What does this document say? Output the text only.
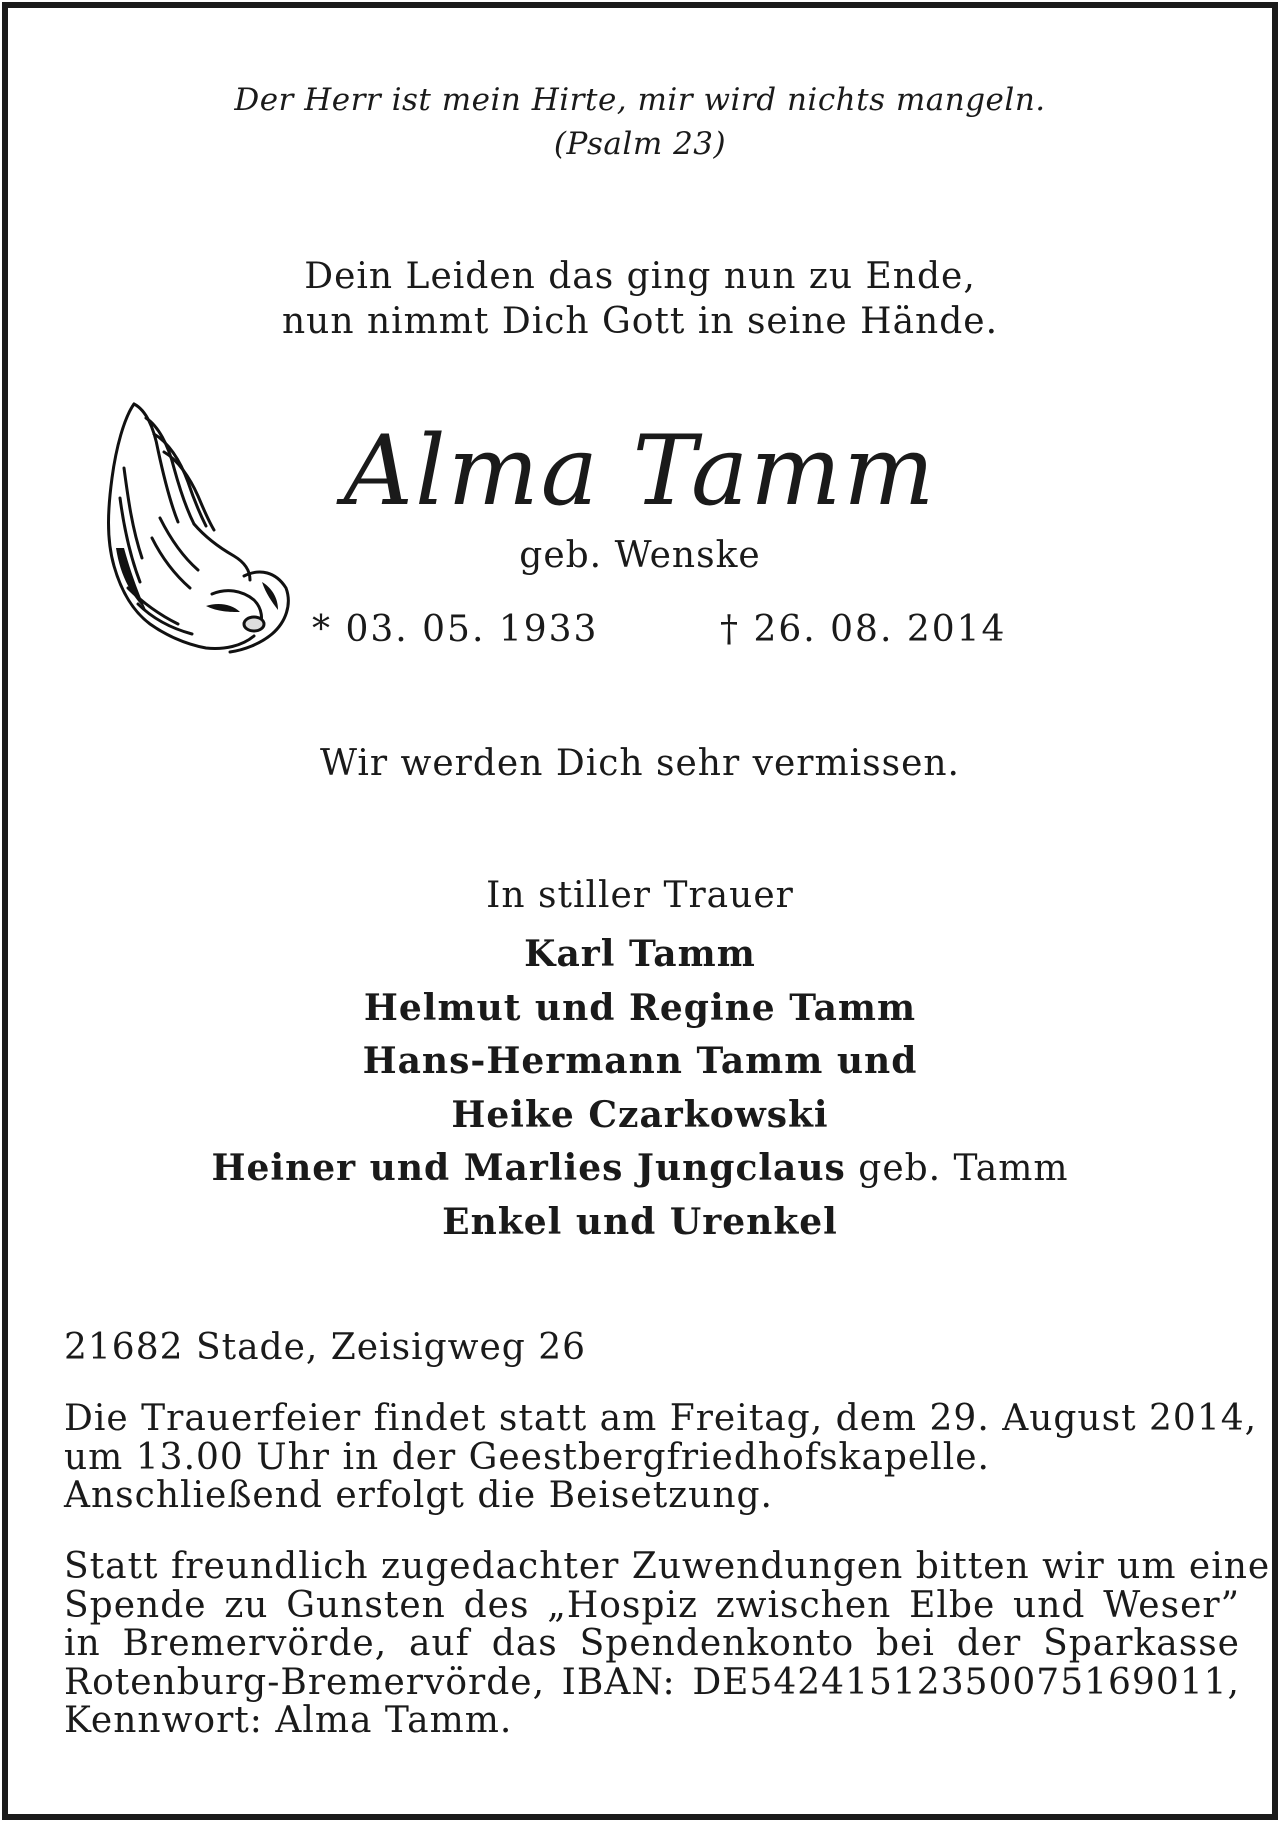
Der Herr ist mein Hirte, mir wird nichts mangeln.
(Psalm 23)
Dein Leiden das ging nun zu Ende,
nun nimmt Dich Gott in seine Hände.
Alma Tamm
geb. Wenske
* 03. 05. 1933	† 26. 08. 2014
Wir werden Dich sehr vermissen.
In stiller Trauer
Karl Tamm
Helmut und Regine Tamm
Hans-Hermann Tamm und
Heike Czarkowski
Heiner und Marlies Jungclaus geb. Tamm
Enkel und Urenkel
21682 Stade, Zeisigweg 26
Die Trauerfeier findet statt am Freitag, dem 29. August 2014,
um 13.00 Uhr in der Geestbergfriedhofskapelle.
Anschließend erfolgt die Beisetzung.
Statt freundlich zugedachter Zuwendungen bitten wir um eine
Spende zu Gunsten des „Hospiz zwischen Elbe und Weser”
in Bremervörde, auf das Spendenkonto bei der Sparkasse
Rotenburg-Bremervörde, IBAN: DE54241512350075169011,
Kennwort: Alma Tamm.
